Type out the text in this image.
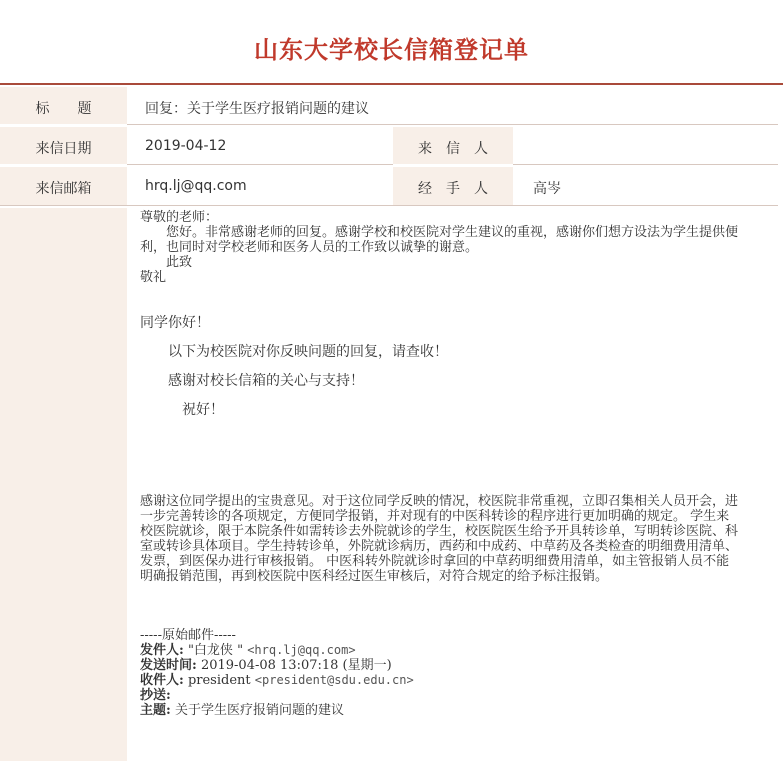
山东大学校长信箱登记单
标　　题	回复：关于学生医疗报销问题的建议
来信日期	2019-04-12	来　信　人
来信邮箱	hrq.lj@qq.com	经　手　人	高岑

尊敬的老师：

　　您好。非常感谢老师的回复。感谢学校和校医院对学生建议的重视，感谢你们想方设法为学生提供便利，也同时对学校老师和医务人员的工作致以诚挚的谢意。

　　此致

敬礼

同学你好！

　　以下为校医院对你反映问题的回复，请查收！

　　感谢对校长信箱的关心与支持！

　　　祝好！

感谢这位同学提出的宝贵意见。对于这位同学反映的情况，校医院非常重视，立即召集相关人员开会，进一步完善转诊的各项规定，方便同学报销，并对现有的中医科转诊的程序进行更加明确的规定。 学生来校医院就诊，限于本院条件如需转诊去外院就诊的学生，校医院医生给予开具转诊单，写明转诊医院、科室或转诊具体项目。学生持转诊单，外院就诊病历，西药和中成药、中草药及各类检查的明细费用清单、发票，到医保办进行审核报销。 中医科转外院就诊时拿回的中草药明细费用清单，如主管报销人员不能明确报销范围，再到校医院中医科经过医生审核后，对符合规定的给予标注报销。

-----原始邮件-----
发件人: "白龙侠 " <hrq.lj@qq.com>
发送时间: 2019-04-08 13:07:18 (星期一)
收件人: president <president@sdu.edu.cn>
抄送:
主题: 关于学生医疗报销问题的建议
